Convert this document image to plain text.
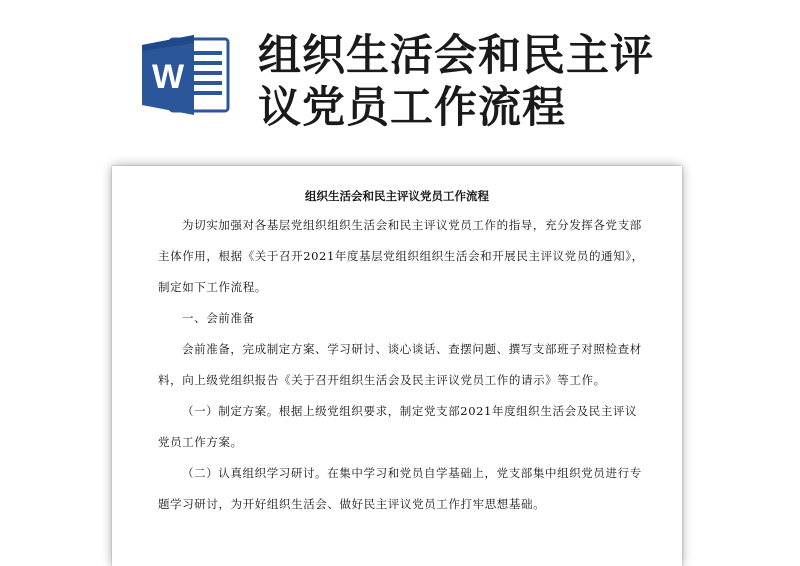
W 组织生活会和民主评
议党员工作流程
组织生活会和民主评议党员工作流程

为切实加强对各基层党组织组织生活会和民主评议党员工作的指导，充分发挥各党支部主体作用，根据《关于召开2021年度基层党组织组织生活会和开展民主评议党员的通知》，制定如下工作流程。

一、会前准备

会前准备，完成制定方案、学习研讨、谈心谈话、查摆问题、撰写支部班子对照检查材料，向上级党组织报告《关于召开组织生活会及民主评议党员工作的请示》等工作。

（一）制定方案。根据上级党组织要求，制定党支部2021年度组织生活会及民主评议党员工作方案。

（二）认真组织学习研讨。在集中学习和党员自学基础上，党支部集中组织党员进行专题学习研讨，为开好组织生活会、做好民主评议党员工作打牢思想基础。
